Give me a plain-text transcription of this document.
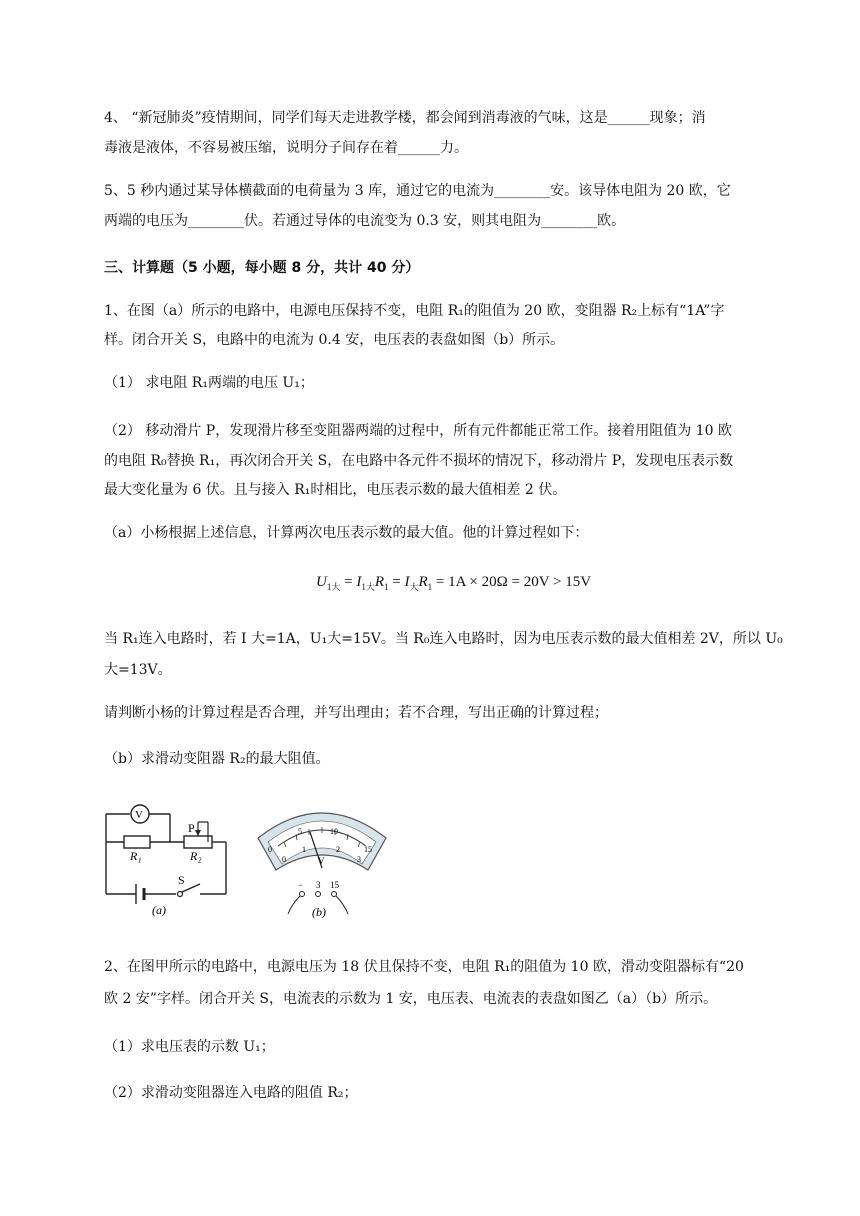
4、 “新冠肺炎”疫情期间，同学们每天走进教学楼，都会闻到消毒液的气味，这是______现象；消
毒液是液体，不容易被压缩，说明分子间存在着______力。
5、5 秒内通过某导体横截面的电荷量为 3 库，通过它的电流为________安。该导体电阻为 20 欧，它
两端的电压为________伏。若通过导体的电流变为 0.3 安，则其电阻为________欧。
三、计算题（5 小题，每小题 8 分，共计 40 分）
1、在图（a）所示的电路中，电源电压保持不变，电阻 R₁的阻值为 20 欧，变阻器 R₂上标有“1A”字
样。闭合开关 S，电路中的电流为 0.4 安，电压表的表盘如图（b）所示。
（1） 求电阻 R₁两端的电压 U₁；
（2） 移动滑片 P，发现滑片移至变阻器两端的过程中，所有元件都能正常工作。接着用阻值为 10 欧
的电阻 R₀替换 R₁，再次闭合开关 S，在电路中各元件不损坏的情况下，移动滑片 P，发现电压表示数
最大变化量为 6 伏。且与接入 R₁时相比，电压表示数的最大值相差 2 伏。
（a）小杨根据上述信息，计算两次电压表示数的最大值。他的计算过程如下：
$U_{1大} = I_{1大}R_1 = I_大R_1 = 1A \times 20\Omega = 20V > 15V$
当 R₁连入电路时，若 I 大=1A，U₁大=15V。当 R₀连入电路时，因为电压表示数的最大值相差 2V，所以 U₀
大=13V。
请判断小杨的计算过程是否合理，并写出理由；若不合理，写出正确的计算过程；
（b）求滑动变阻器 R₂的最大阻值。
S
V
P
R₁	R₂
(a)
0
5	10
15
0
1	2
3
V
− 3 15
(b)
2、在图甲所示的电路中，电源电压为 18 伏且保持不变，电阻 R₁的阻值为 10 欧，滑动变阻器标有“20
欧 2 安”字样。闭合开关 S，电流表的示数为 1 安，电压表、电流表的表盘如图乙（a）（b）所示。
（1）求电压表的示数 U₁；
（2）求滑动变阻器连入电路的阻值 R₂；
